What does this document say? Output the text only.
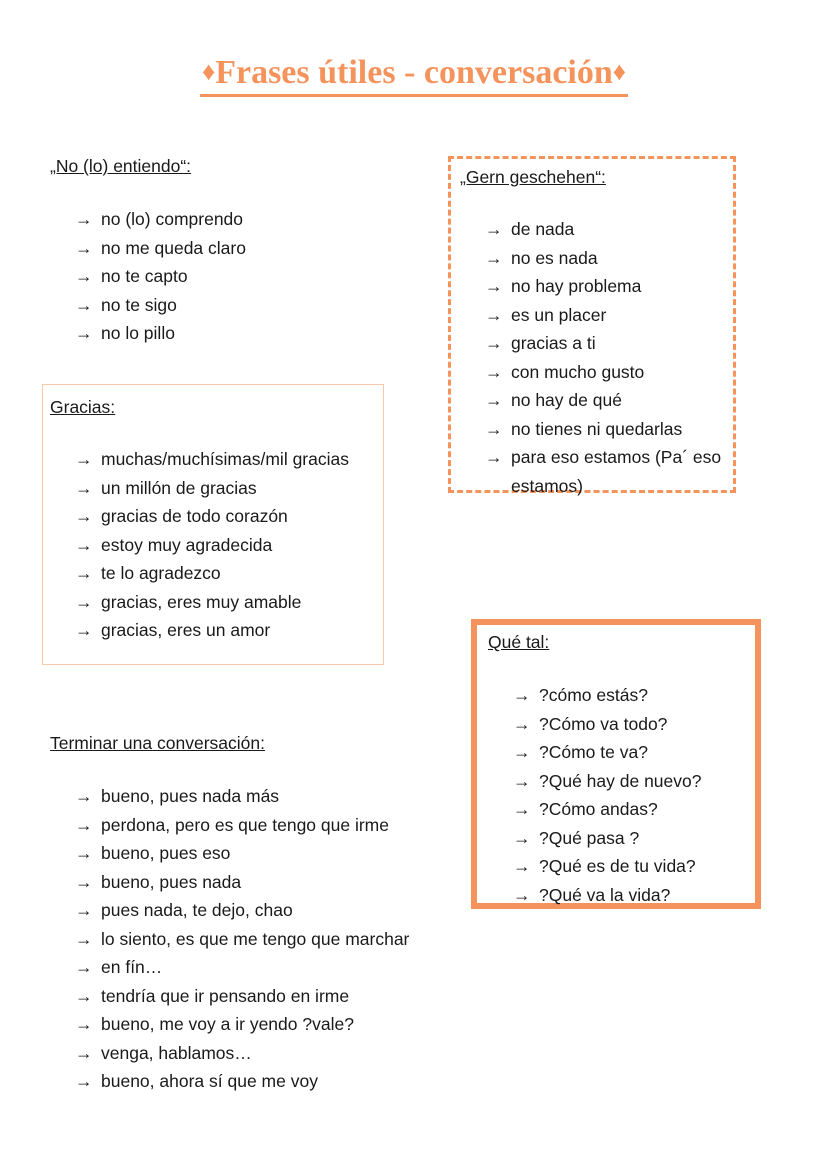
♦Frases útiles - conversación♦

„No (lo) entiendo“:

→ no (lo) comprendo
→ no me queda claro
→ no te capto
→ no te sigo
→ no lo pillo

Gracias:

→ muchas/muchísimas/mil gracias
→ un millón de gracias
→ gracias de todo corazón
→ estoy muy agradecida
→ te lo agradezco
→ gracias, eres muy amable
→ gracias, eres un amor

„Gern geschehen“:

→ de nada
→ no es nada
→ no hay problema
→ es un placer
→ gracias a ti
→ con mucho gusto
→ no hay de qué
→ no tienes ni quedarlas
→ para eso estamos (Pa´ eso estamos)

Qué tal:

→ ?cómo estás?
→ ?Cómo va todo?
→ ?Cómo te va?
→ ?Qué hay de nuevo?
→ ?Cómo andas?
→ ?Qué pasa ?
→ ?Qué es de tu vida?
→ ?Qué va la vida?

Terminar una conversación:

→ bueno, pues nada más
→ perdona, pero es que tengo que irme
→ bueno, pues eso
→ bueno, pues nada
→ pues nada, te dejo, chao
→ lo siento, es que me tengo que marchar
→ en fín…
→ tendría que ir pensando en irme
→ bueno, me voy a ir yendo ?vale?
→ venga, hablamos…
→ bueno, ahora sí que me voy
